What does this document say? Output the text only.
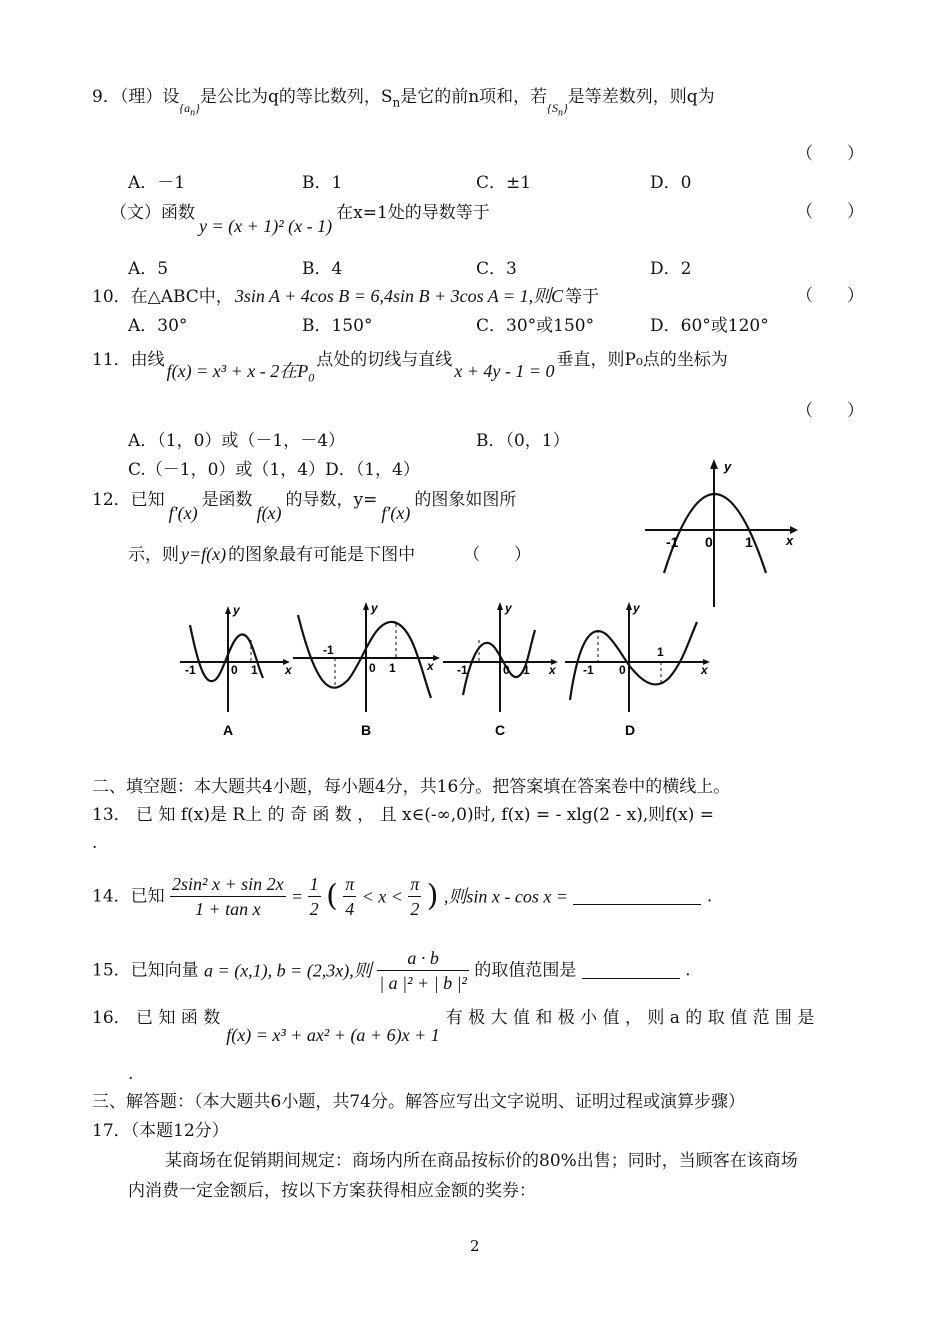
9．（理）设$_{\{a_n\}}$是公比为q的等比数列，$S_n$是它的前n项和，若$_{\{S_n\}}$是等差数列，则q为
（　　）
A．－1	B．1	C．±1	D．0
（文）函数y = (x + 1)² (x - 1)在x=1处的导数等于	（　　）
A．5	B．4	C．3	D．2
10．在△ABC中， 3sin A + 4cos B = 6,4sin B + 3cos A = 1,则C 等于	（　　）
A．30°	B．150°	C．30°或150°	D．60°或120°
11．由线f(x) = x³ + x - 2在$P_0$点处的切线与直线x + 4y - 1 = 0垂直，则P₀点的坐标为
（　　）
A．（1，0）或（－1，－4）	B．（0，1）
C.（－1，0）或（1，4）D．（1，4）
12．已知f′(x)是函数f(x)的导数，y=f′(x)的图象如图所
示，则 y=f(x) 的图象最有可能是下图中	（　　）
y
x
-1 0 1
y
x
-1	0 1
A
y
x
-1
0 1
B
y
x
-1	0 1
C
y
x
-1 0
1
D
二、填空题：本大题共4小题，每小题4分，共16分。把答案填在答案卷中的横线上。
13． 已 知 f(x)是 R上 的 奇 函 数 ， 且 x∈(-∞,0)时, f(x) = - xlg(2 - x),则f(x) =
.
14．已知 $\frac{\text{2sin² x + sin 2x}}{\text{1 + tan x}} = \frac{1}{2}$ ( $\frac{\pi}{4} < x < \frac{\pi}{2}$ ) ,则sin x - cos x =	.
15．已知向量 a = (x,1), b = (2,3x),则 $\frac{a \cdot b}{\text{| a |² + | b |²}}$ 的取值范围是	.
16． 已 知 函 数f(x) = x³ + ax² + (a + 6)x + 1有 极 大 值 和 极 小 值 ， 则 a 的 取 值 范 围 是
.
三、解答题：（本大题共6小题，共74分。解答应写出文字说明、证明过程或演算步骤）
17．（本题12分）
某商场在促销期间规定：商场内所在商品按标价的80%出售；同时，当顾客在该商场
内消费一定金额后，按以下方案获得相应金额的奖券：
2
